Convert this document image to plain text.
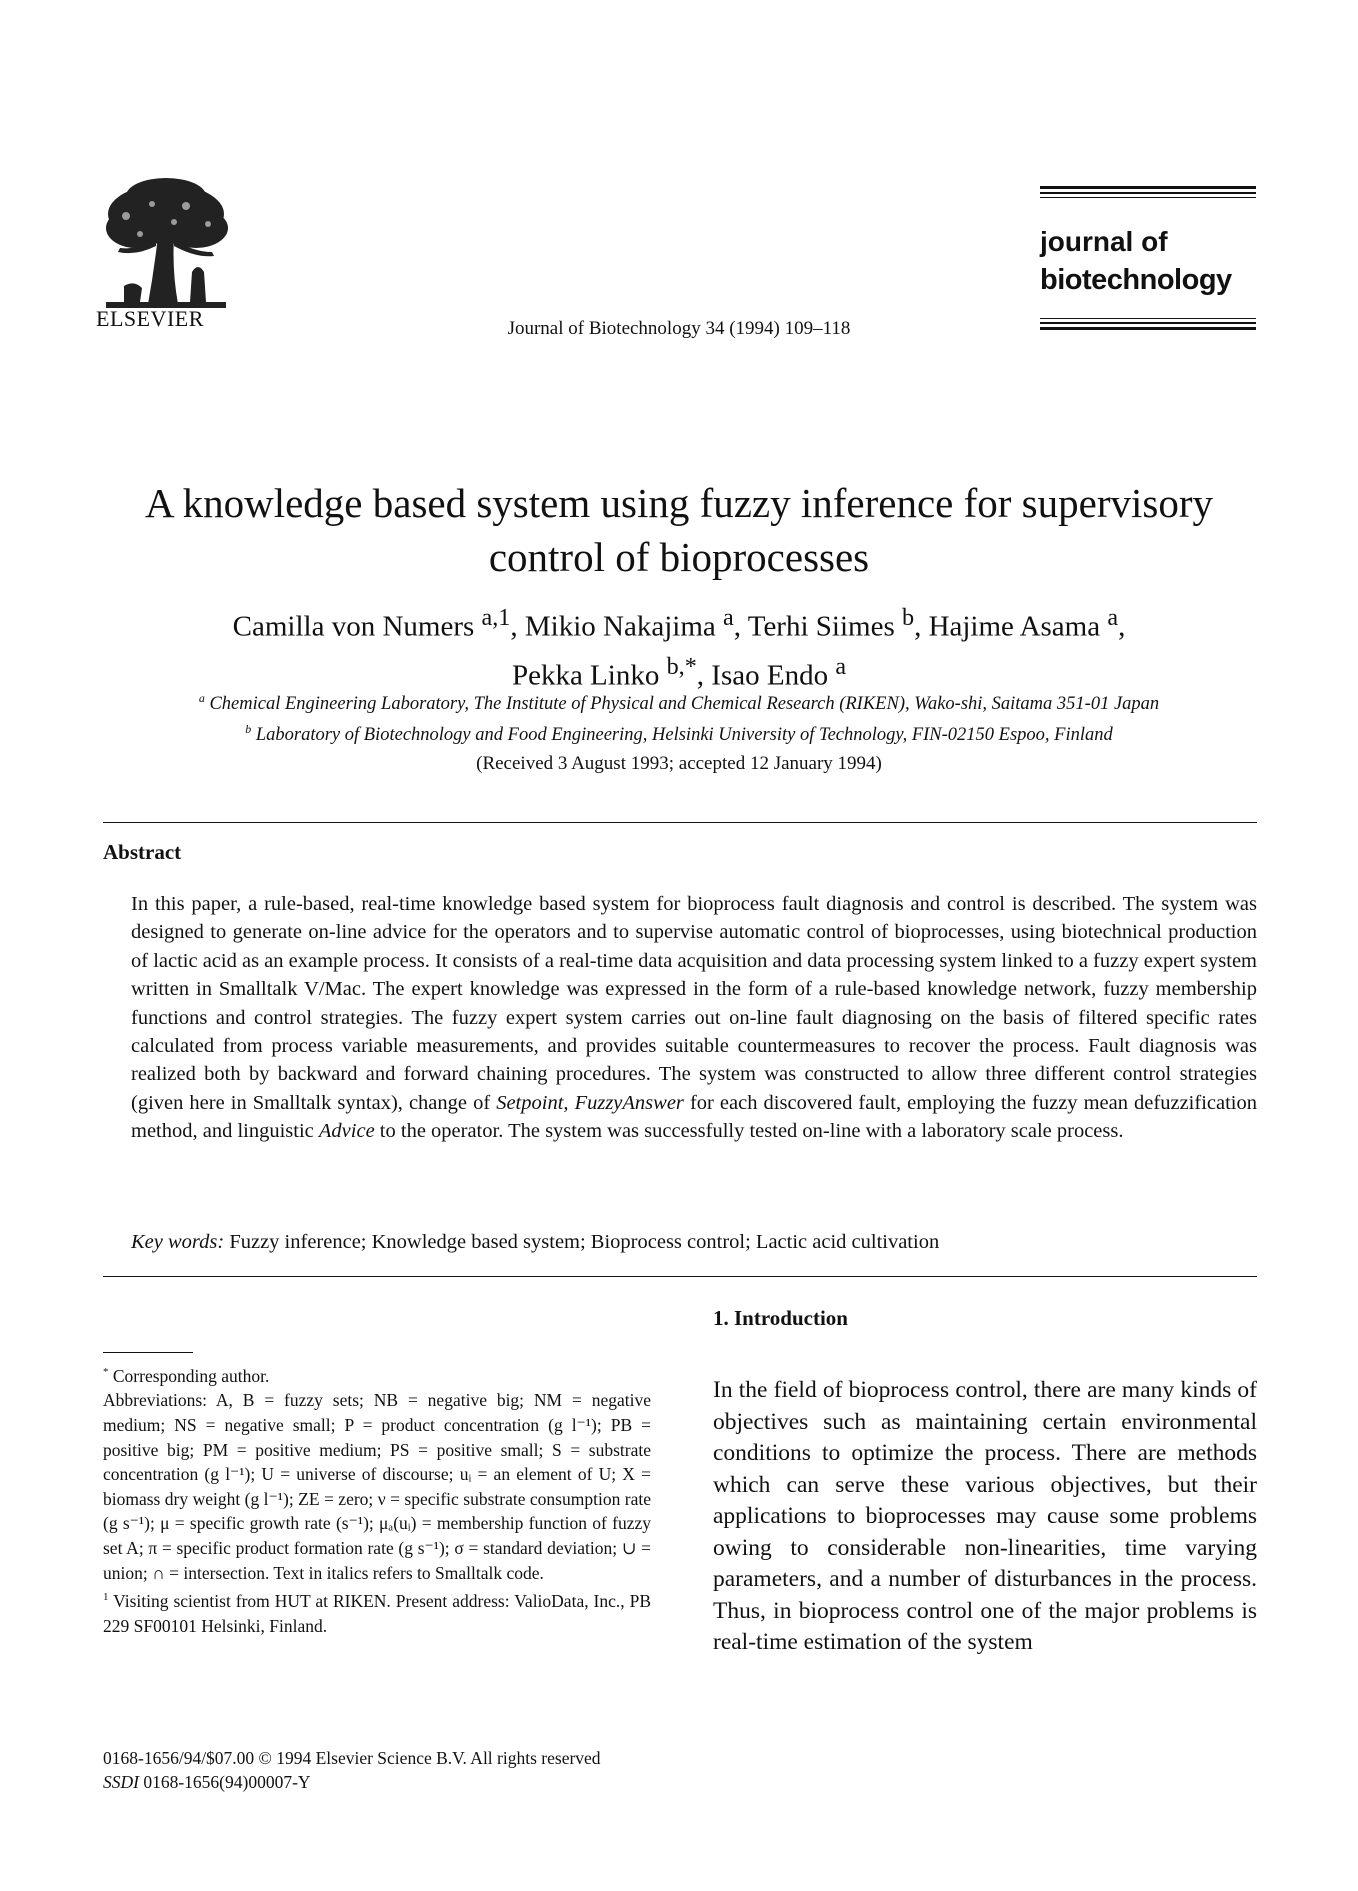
ELSEVIER	Journal of Biotechnology 34 (1994) 109–118
journal of
biotechnology
A knowledge based system using fuzzy inference for supervisory
control of bioprocesses
Camilla von Numers $^{a,1}$, Mikio Nakajima $^a$, Terhi Siimes $^b$, Hajime Asama $^a$,
Pekka Linko $^{b,*}$, Isao Endo $^a$
$^a$ Chemical Engineering Laboratory, The Institute of Physical and Chemical Research (RIKEN), Wako-shi, Saitama 351-01 Japan
$^b$ Laboratory of Biotechnology and Food Engineering, Helsinki University of Technology, FIN-02150 Espoo, Finland
(Received 3 August 1993; accepted 12 January 1994)
Abstract
In this paper, a rule-based, real-time knowledge based system for bioprocess fault diagnosis and control is described. The system was designed to generate on-line advice for the operators and to supervise automatic control of bioprocesses, using biotechnical production of lactic acid as an example process. It consists of a real-time data acquisition and data processing system linked to a fuzzy expert system written in Smalltalk V/Mac. The expert knowledge was expressed in the form of a rule-based knowledge network, fuzzy membership functions and control strategies. The fuzzy expert system carries out on-line fault diagnosing on the basis of filtered specific rates calculated from process variable measurements, and provides suitable countermeasures to recover the process. Fault diagnosis was realized both by backward and forward chaining procedures. The system was constructed to allow three different control strategies (given here in Smalltalk syntax), change of Setpoint, FuzzyAnswer for each discovered fault, employing the fuzzy mean defuzzification method, and linguistic Advice to the operator. The system was successfully tested on-line with a laboratory scale process.
Key words: Fuzzy inference; Knowledge based system; Bioprocess control; Lactic acid cultivation
1. Introduction
In the field of bioprocess control, there are many kinds of objectives such as maintaining certain environmental conditions to optimize the process. There are methods which can serve these various objectives, but their applications to bioprocesses may cause some problems owing to considerable non-linearities, time varying parameters, and a number of disturbances in the process. Thus, in bioprocess control one of the major problems is real-time estimation of the system
* Corresponding author.
Abbreviations: A, B = fuzzy sets; NB = negative big; NM = negative medium; NS = negative small; P = product concentration (g l⁻¹); PB = positive big; PM = positive medium; PS = positive small; S = substrate concentration (g l⁻¹); U = universe of discourse; uᵢ = an element of U; X = biomass dry weight (g l⁻¹); ZE = zero; ν = specific substrate consumption rate (g s⁻¹); μ = specific growth rate (s⁻¹); μₐ(uᵢ) = membership function of fuzzy set A; π = specific product formation rate (g s⁻¹); σ = standard deviation; ∪ = union; ∩ = intersection. Text in italics refers to Smalltalk code.
$^1$ Visiting scientist from HUT at RIKEN. Present address: ValioData, Inc., PB 229 SF00101 Helsinki, Finland.
0168-1656/94/$07.00 © 1994 Elsevier Science B.V. All rights reserved
SSDI 0168-1656(94)00007-Y
